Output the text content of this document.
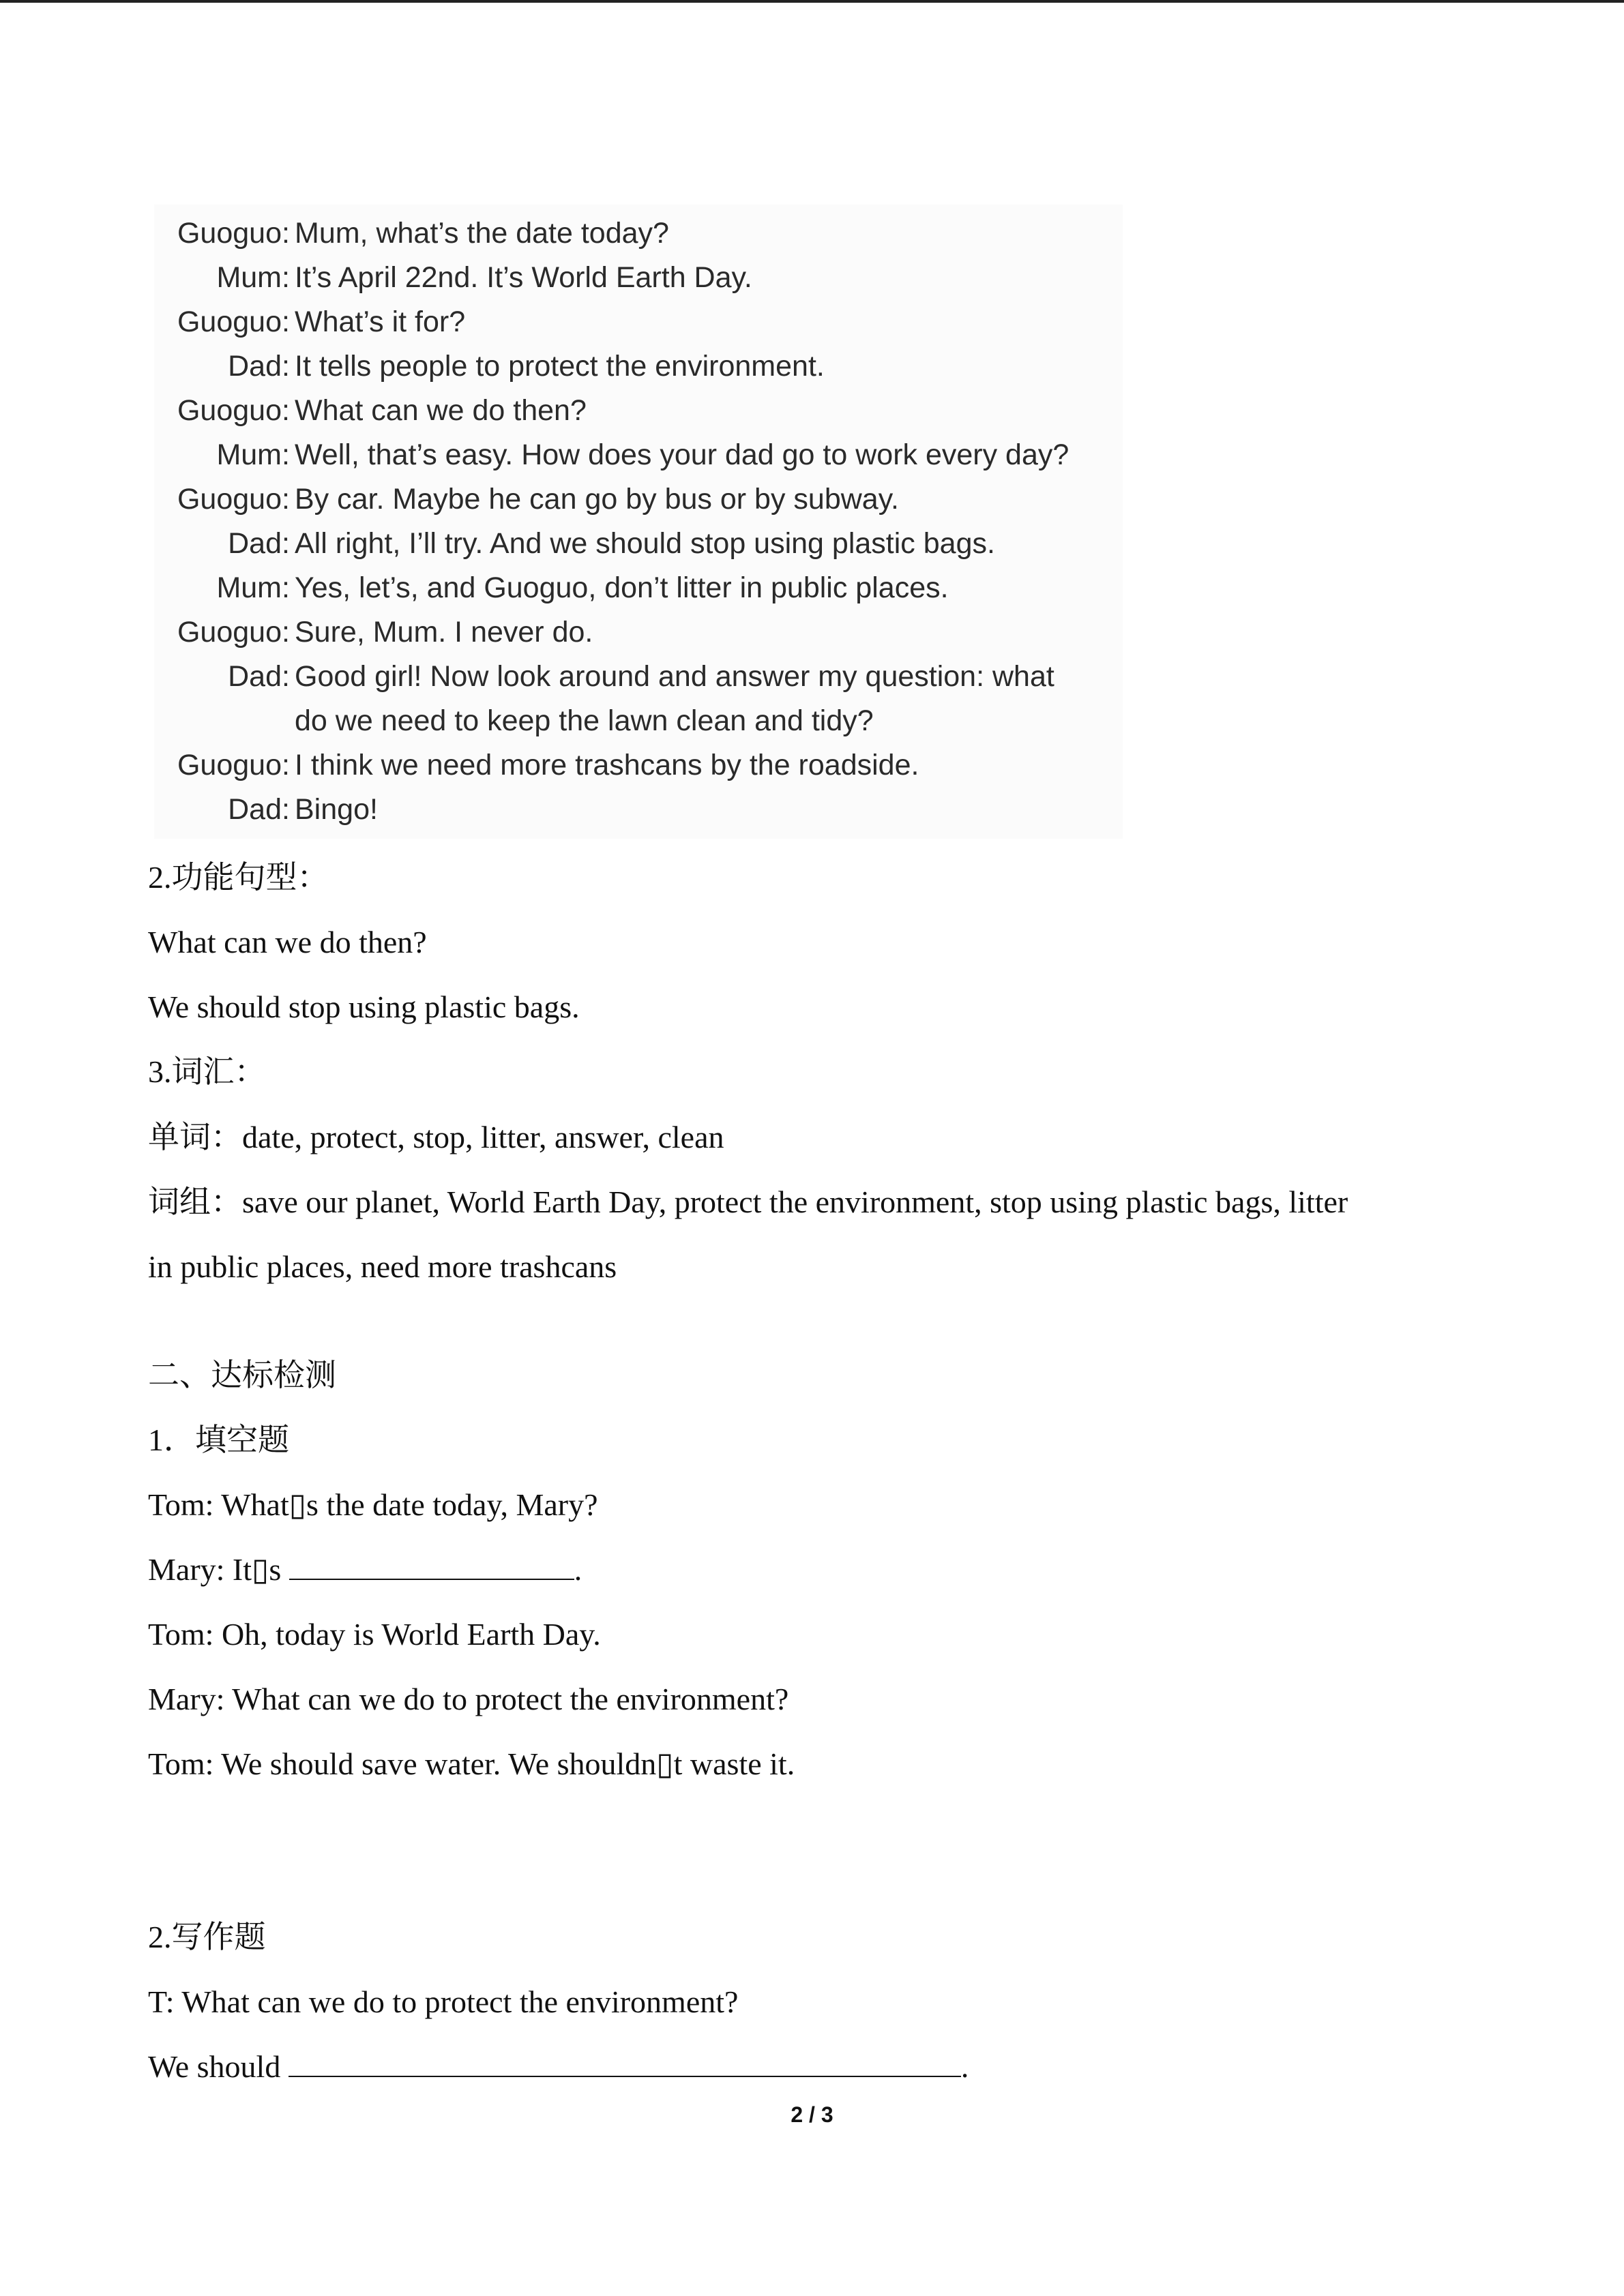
Guoguo : Mum, what’s the date today?
Mum : It’s April 22nd. It’s World Earth Day.
Guoguo : What’s it for?
Dad : It tells people to protect the environment.
Guoguo : What can we do then?
Mum : Well, that’s easy. How does your dad go to work every day?
Guoguo : By car. Maybe he can go by bus or by subway.
Dad : All right, I’ll try. And we should stop using plastic bags.
Mum : Yes, let’s, and Guoguo, don’t litter in public places.
Guoguo : Sure, Mum. I never do.
Dad : Good girl! Now look around and answer my question: what
do we need to keep the lawn clean and tidy?
Guoguo : I think we need more trashcans by the roadside.
Dad : Bingo!
2.功能句型：
What can we do then?
We should stop using plastic bags.
3.词汇：
单词：date, protect, stop, litter, answer, clean
词组：save our planet, World Earth Day, protect the environment, stop using plastic bags, litter
in public places, need more trashcans
二、达标检测
1．填空题
Tom: What▯s the date today, Mary?
Mary: It▯s	.
Tom: Oh, today is World Earth Day.
Mary: What can we do to protect the environment?
Tom: We should save water. We shouldn▯t waste it.
2.写作题
T: What can we do to protect the environment?
We should	.
2 / 3
